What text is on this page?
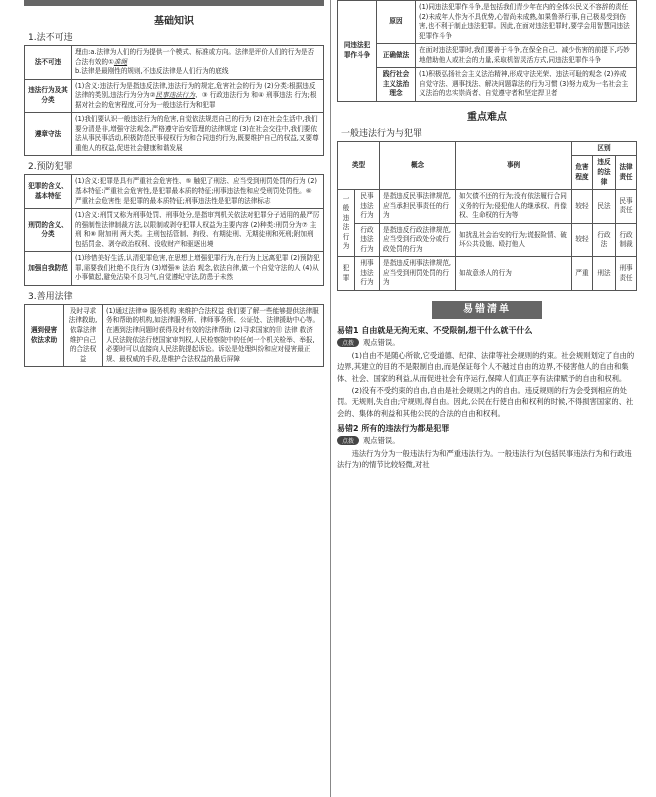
基础知识
1.法不可违
法不可违	理由:a.法律为人们的行为提供一个模式、标准或方向。法律是评价人们的行为是否合法有效的①准绳
b.法律是最刚性的规则,不违反法律是人们行为的底线
违法行为及其分类	(1)含义:违法行为是指违反法律,违法行为的规定,危害社会的行为 (2)分类:根据违反法律的类别,违法行为分为②民事违法行为、③ 行政违法行为 和④ 刑事违法 行为;根据对社会的危害程度,可分为一般违法行为和犯罪
遵章守法	(1)我们要认识一般违法行为的危害,自觉依法规范自己的行为 (2)在社会生活中,我们要分清是非,增强守法观念,严格遵守治安管理的法律规定 (3)在社会交往中,我们要依法从事民事活动,积极防范民事侵权行为和合同违约行为,既要维护自己的权益,又要尊重他人的权益,促进社会健康和谐发展
2.预防犯罪
犯罪的含义、基本特征	(1)含义:犯罪是具有严重社会危害性、⑤ 触犯了刑法、应当受到刑罚处罚的行为 (2)基本特征:严重社会危害性,是犯罪最本质的特征;刑事违法性和应受刑罚处罚性。⑥ 严重社会危害性 是犯罪的最本质特征;刑事违法性是犯罪的法律标志
刑罚的含义、分类	(1)含义:刑罚又称为刑事处罚、刑事处分,是指审判机关依法对犯罪分子适用的最严厉的强制性法律制裁方法,以限制或剥夺犯罪人权益为主要内容 (2)种类:刑罚分为⑦ 主刑 和⑧ 附加刑 两大类。主刑包括管制、拘役、有期徒刑、无期徒刑和死刑;附加刑包括罚金、剥夺政治权利、没收财产和驱逐出境
加强自我防范	(1)珍惜美好生活,认清犯罪危害,在思想上增强犯罪行为,在行为上远离犯罪 (2)预防犯罪,需要我们杜绝不良行为 (3)增强⑨ 法治 观念,依法自律,做一个自觉守法的人 (4)从小事做起,避免沾染不良习气,自觉遵纪守法,防患于未然
3.善用法律
遇到侵害依法求助	及时寻求法律救助,依靠法律维护自己的合法权益	(1)通过法律⑩ 服务机构 来维护合法权益 我们要了解一些能够提供法律服务和帮助的机构,如法律服务所、律师事务所、公证处、法律援助中心等。在遇到法律问题时获得及时有效的法律帮助 (2)寻求国家的⑪ 法律 救济 人民法院依法行使国家审判权,人民检察院中的任何一个机关检举、举报,必要时可以直接向人民法院提起诉讼。诉讼是处理纠纷和应对侵害最正规、最权威的手段,是维护合法权益的最后屏障
同违法犯罪作斗争	原因	(1)同违法犯罪作斗争,是包括我们青少年在内的全体公民义不容辞的责任 (2)未成年人作为不具优势,心智尚未成熟,如果鲁莽行事,自己极易受到伤害,也不利于制止违法犯罪。因此,在面对违法犯罪时,要学会用智慧同违法犯罪作斗争
	正确做法	在面对违法犯罪时,我们要善于斗争,在保全自己、减少伤害的前提下,巧妙地借助他人或社会的力量,采取机智灵活方式,同违法犯罪作斗争
	践行社会主义法治理念	(1)积极弘扬社会主义法治精神,形成守法光荣、违法可耻的观念 (2)养成自觉守法、遇事找法、解决问题靠法的行为习惯 (3)努力成为一名社会主义法治的忠实崇尚者、自觉遵守者和坚定捍卫者
重点难点
一般违法行为与犯罪
类型		概念	事例	区别		
				危害程度	违反的法律	法律责任
一般违法行为	民事违法行为	是指违反民事法律规范,应当承担民事责任的行为	如欠债不还的行为;没有依法履行合同义务的行为;侵犯他人的继承权、肖像权、生命权的行为等	较轻	民法	民事责任
	行政违法行为	是指违反行政法律规范,应当受到行政处分或行政处罚的行为	如扰乱社会治安的行为;谎报险情、破坏公共设施、殴打他人	较轻	行政法	行政制裁
犯罪	刑事违法行为	是指违反刑事法律规范,应当受到刑罚处罚的行为	如故意杀人的行为	严重	刑法	刑事责任
易错清单
易错1 自由就是无拘无束、不受限制,想干什么就干什么
点拨 观点错误。

(1)自由不是随心所欲,它受道德、纪律、法律等社会规则的约束。社会规则划定了自由的边界,其建立的目的不是限制自由,而是保证每个人不越过自由的边界,不侵害他人的自由和集体、社会、国家的利益,从而促进社会有序运行,保障人们真正享有法律赋予的自由和权利。

(2)没有不受约束的自由,自由是社会规则之内的自由。违反规则的行为会受到相应的处罚。无规则,失自由;守规则,得自由。因此,公民在行使自由和权利的时候,不得损害国家的、社会的、集体的利益和其他公民的合法的自由和权利。

易错2 所有的违法行为都是犯罪
点拨 观点错误。

违法行为分为一般违法行为和严重违法行为。一般违法行为(包括民事违法行为和行政违法行为)的情节比较轻微,对社
